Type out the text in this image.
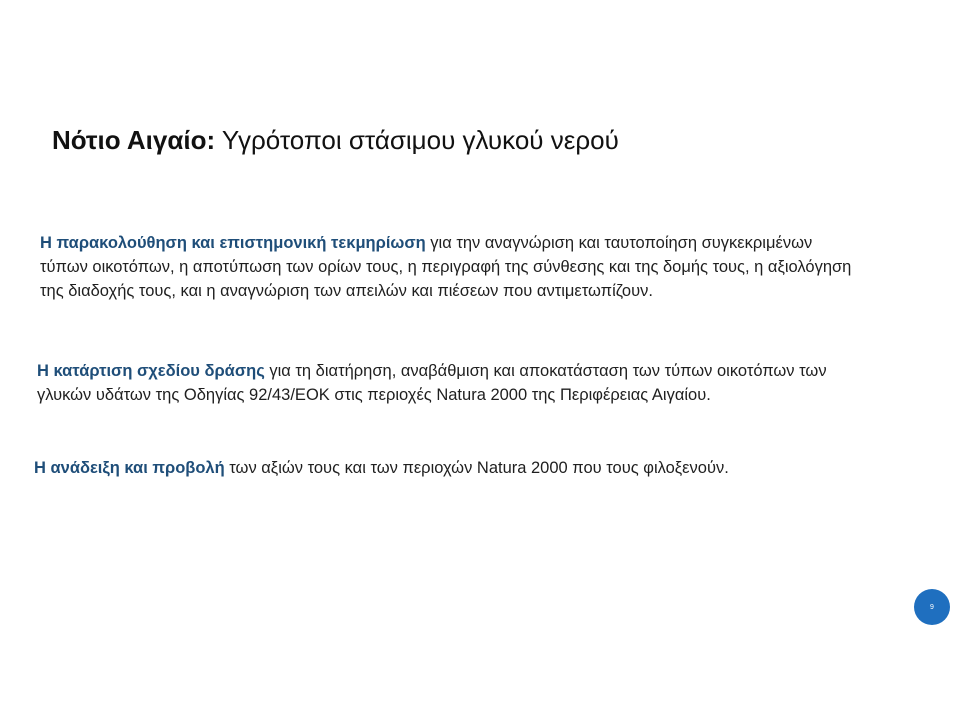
Νότιο Αιγαίο: Υγρότοποι στάσιμου γλυκού νερού

Η παρακολούθηση και επιστημονική τεκμηρίωση για την αναγνώριση και ταυτοποίηση συγκεκριμένων τύπων οικοτόπων, η αποτύπωση των ορίων τους, η περιγραφή της σύνθεσης και της δομής τους, η αξιολόγηση της διαδοχής τους, και η αναγνώριση των απειλών και πιέσεων που αντιμετωπίζουν.

Η κατάρτιση σχεδίου δράσης για τη διατήρηση, αναβάθμιση και αποκατάσταση των τύπων οικοτόπων των γλυκών υδάτων της Οδηγίας 92/43/ΕΟΚ στις περιοχές Natura 2000 της Περιφέρειας Αιγαίου.

Η ανάδειξη και προβολή των αξιών τους και των περιοχών Natura 2000 που τους φιλοξενούν.

9
